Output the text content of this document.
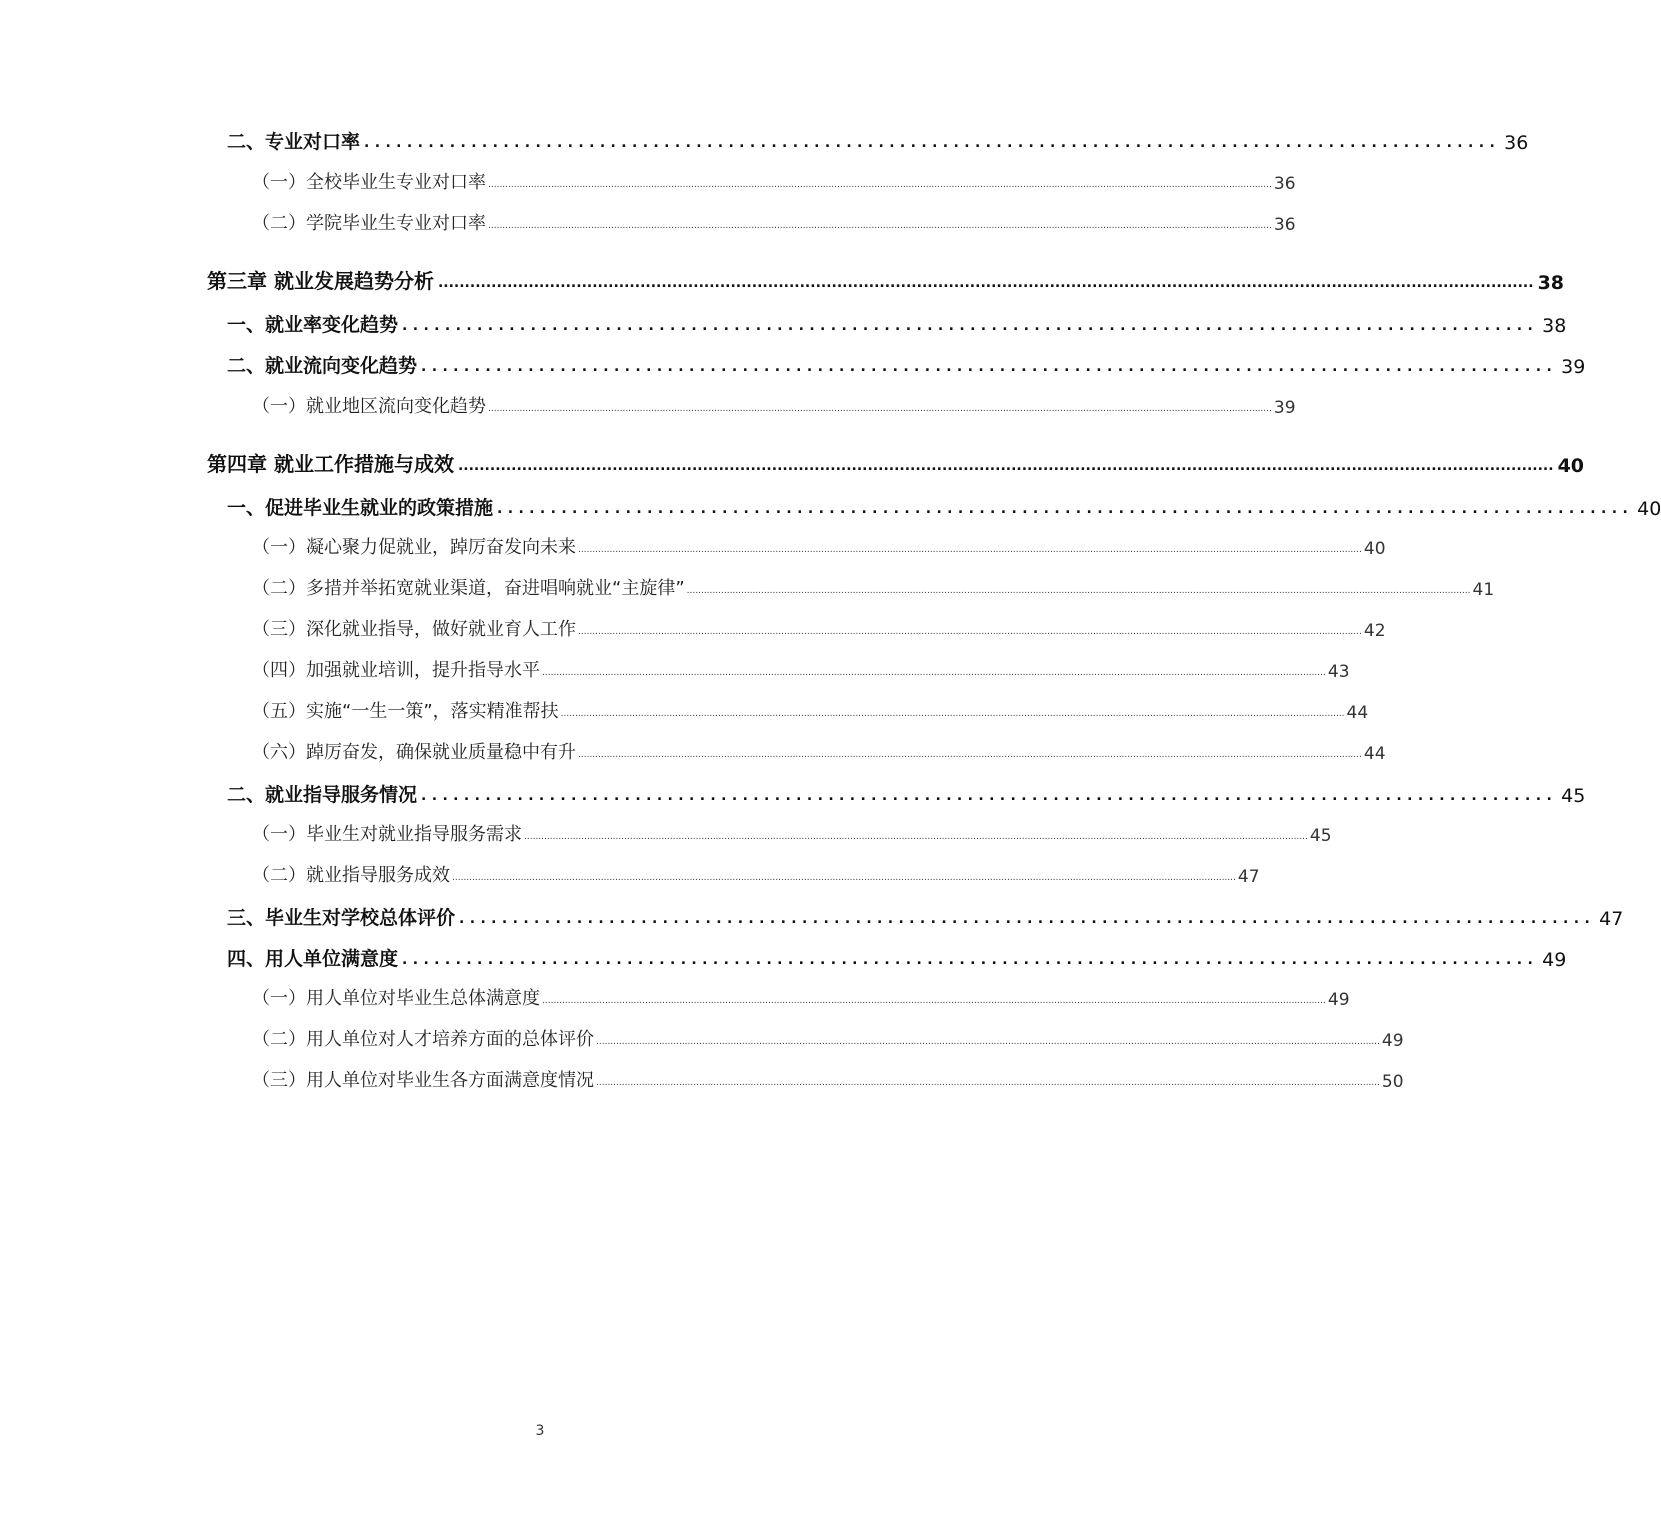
二、专业对口率 .......................................................................................................... 36
（一）全校毕业生专业对口率 .................................................................................................................................................................................................................................................................................. 36
（二）学院毕业生专业对口率 .................................................................................................................................................................................................................................................................................. 36
第三章 就业发展趋势分析 .............................................................................................................................................................................................................. 38
一、就业率变化趋势 .......................................................................................................... 38
二、就业流向变化趋势 .......................................................................................................... 39
（一）就业地区流向变化趋势 .................................................................................................................................................................................................................................................................................. 39
第四章 就业工作措施与成效 .............................................................................................................................................................................................................. 40
一、促进毕业生就业的政策措施 .......................................................................................................... 40
（一）凝心聚力促就业，踔厉奋发向未来 .................................................................................................................................................................................................................................................................................. 40
（二）多措并举拓宽就业渠道，奋进唱响就业“主旋律” .................................................................................................................................................................................................................................................................................. 41
（三）深化就业指导，做好就业育人工作 .................................................................................................................................................................................................................................................................................. 42
（四）加强就业培训，提升指导水平 .................................................................................................................................................................................................................................................................................. 43
（五）实施“一生一策”，落实精准帮扶 .................................................................................................................................................................................................................................................................................. 44
（六）踔厉奋发，确保就业质量稳中有升 .................................................................................................................................................................................................................................................................................. 44
二、就业指导服务情况 .......................................................................................................... 45
（一）毕业生对就业指导服务需求 .................................................................................................................................................................................................................................................................................. 45
（二）就业指导服务成效 .................................................................................................................................................................................................................................................................................. 47
三、毕业生对学校总体评价 .......................................................................................................... 47
四、用人单位满意度 .......................................................................................................... 49
（一）用人单位对毕业生总体满意度 .................................................................................................................................................................................................................................................................................. 49
（二）用人单位对人才培养方面的总体评价 .................................................................................................................................................................................................................................................................................. 49
（三）用人单位对毕业生各方面满意度情况 .................................................................................................................................................................................................................................................................................. 50
3
